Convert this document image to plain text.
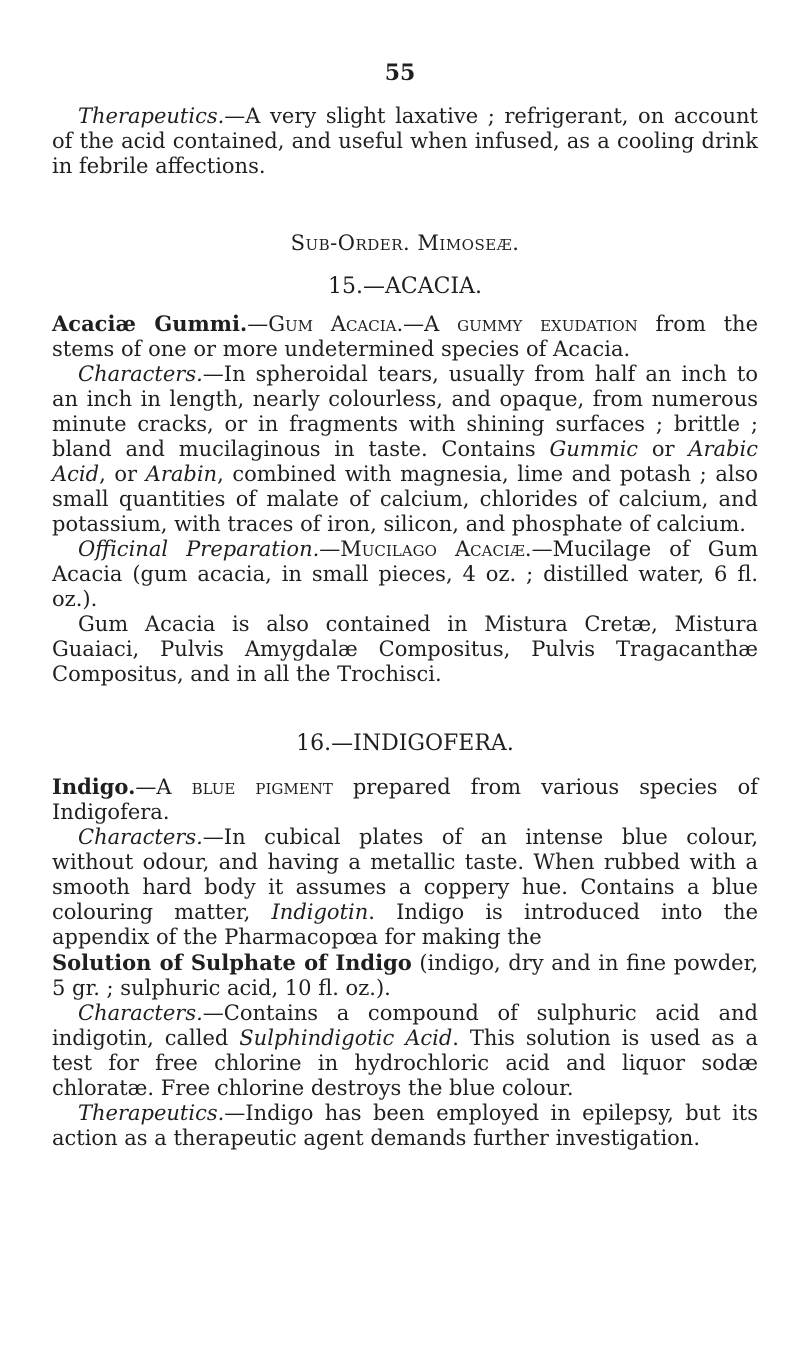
55

Therapeutics.—A very slight laxative ; refrigerant, on account of the acid contained, and useful when infused, as a cooling drink in febrile affections.

Sub-Order. Mimoseæ.
15.—ACACIA.

Acaciæ Gummi.—Gum Acacia.—A gummy exudation from the stems of one or more undetermined species of Acacia.

Characters.—In spheroidal tears, usually from half an inch to an inch in length, nearly colourless, and opaque, from numerous minute cracks, or in fragments with shining surfaces ; brittle ; bland and mucilaginous in taste. Contains Gummic or Arabic Acid, or Arabin, combined with magnesia, lime and potash ; also small quantities of malate of calcium, chlorides of calcium, and potassium, with traces of iron, silicon, and phosphate of calcium.

Officinal Preparation.—Mucilago Acaciæ.—Mucilage of Gum Acacia (gum acacia, in small pieces, 4 oz. ; distilled water, 6 fl. oz.).

Gum Acacia is also contained in Mistura Cretæ, Mistura Guaiaci, Pulvis Amygdalæ Compositus, Pulvis Tragacanthæ Compositus, and in all the Trochisci.

16.—INDIGOFERA.

Indigo.—A blue pigment prepared from various species of Indigofera.

Characters.—In cubical plates of an intense blue colour, without odour, and having a metallic taste. When rubbed with a smooth hard body it assumes a coppery hue. Contains a blue colouring matter, Indigotin. Indigo is introduced into the appendix of the Pharmacopœa for making the

Solution of Sulphate of Indigo (indigo, dry and in fine powder, 5 gr. ; sulphuric acid, 10 fl. oz.).

Characters.—Contains a compound of sulphuric acid and indigotin, called Sulphindigotic Acid. This solution is used as a test for free chlorine in hydrochloric acid and liquor sodæ chloratæ. Free chlorine destroys the blue colour.

Therapeutics.—Indigo has been employed in epilepsy, but its action as a therapeutic agent demands further investigation.
